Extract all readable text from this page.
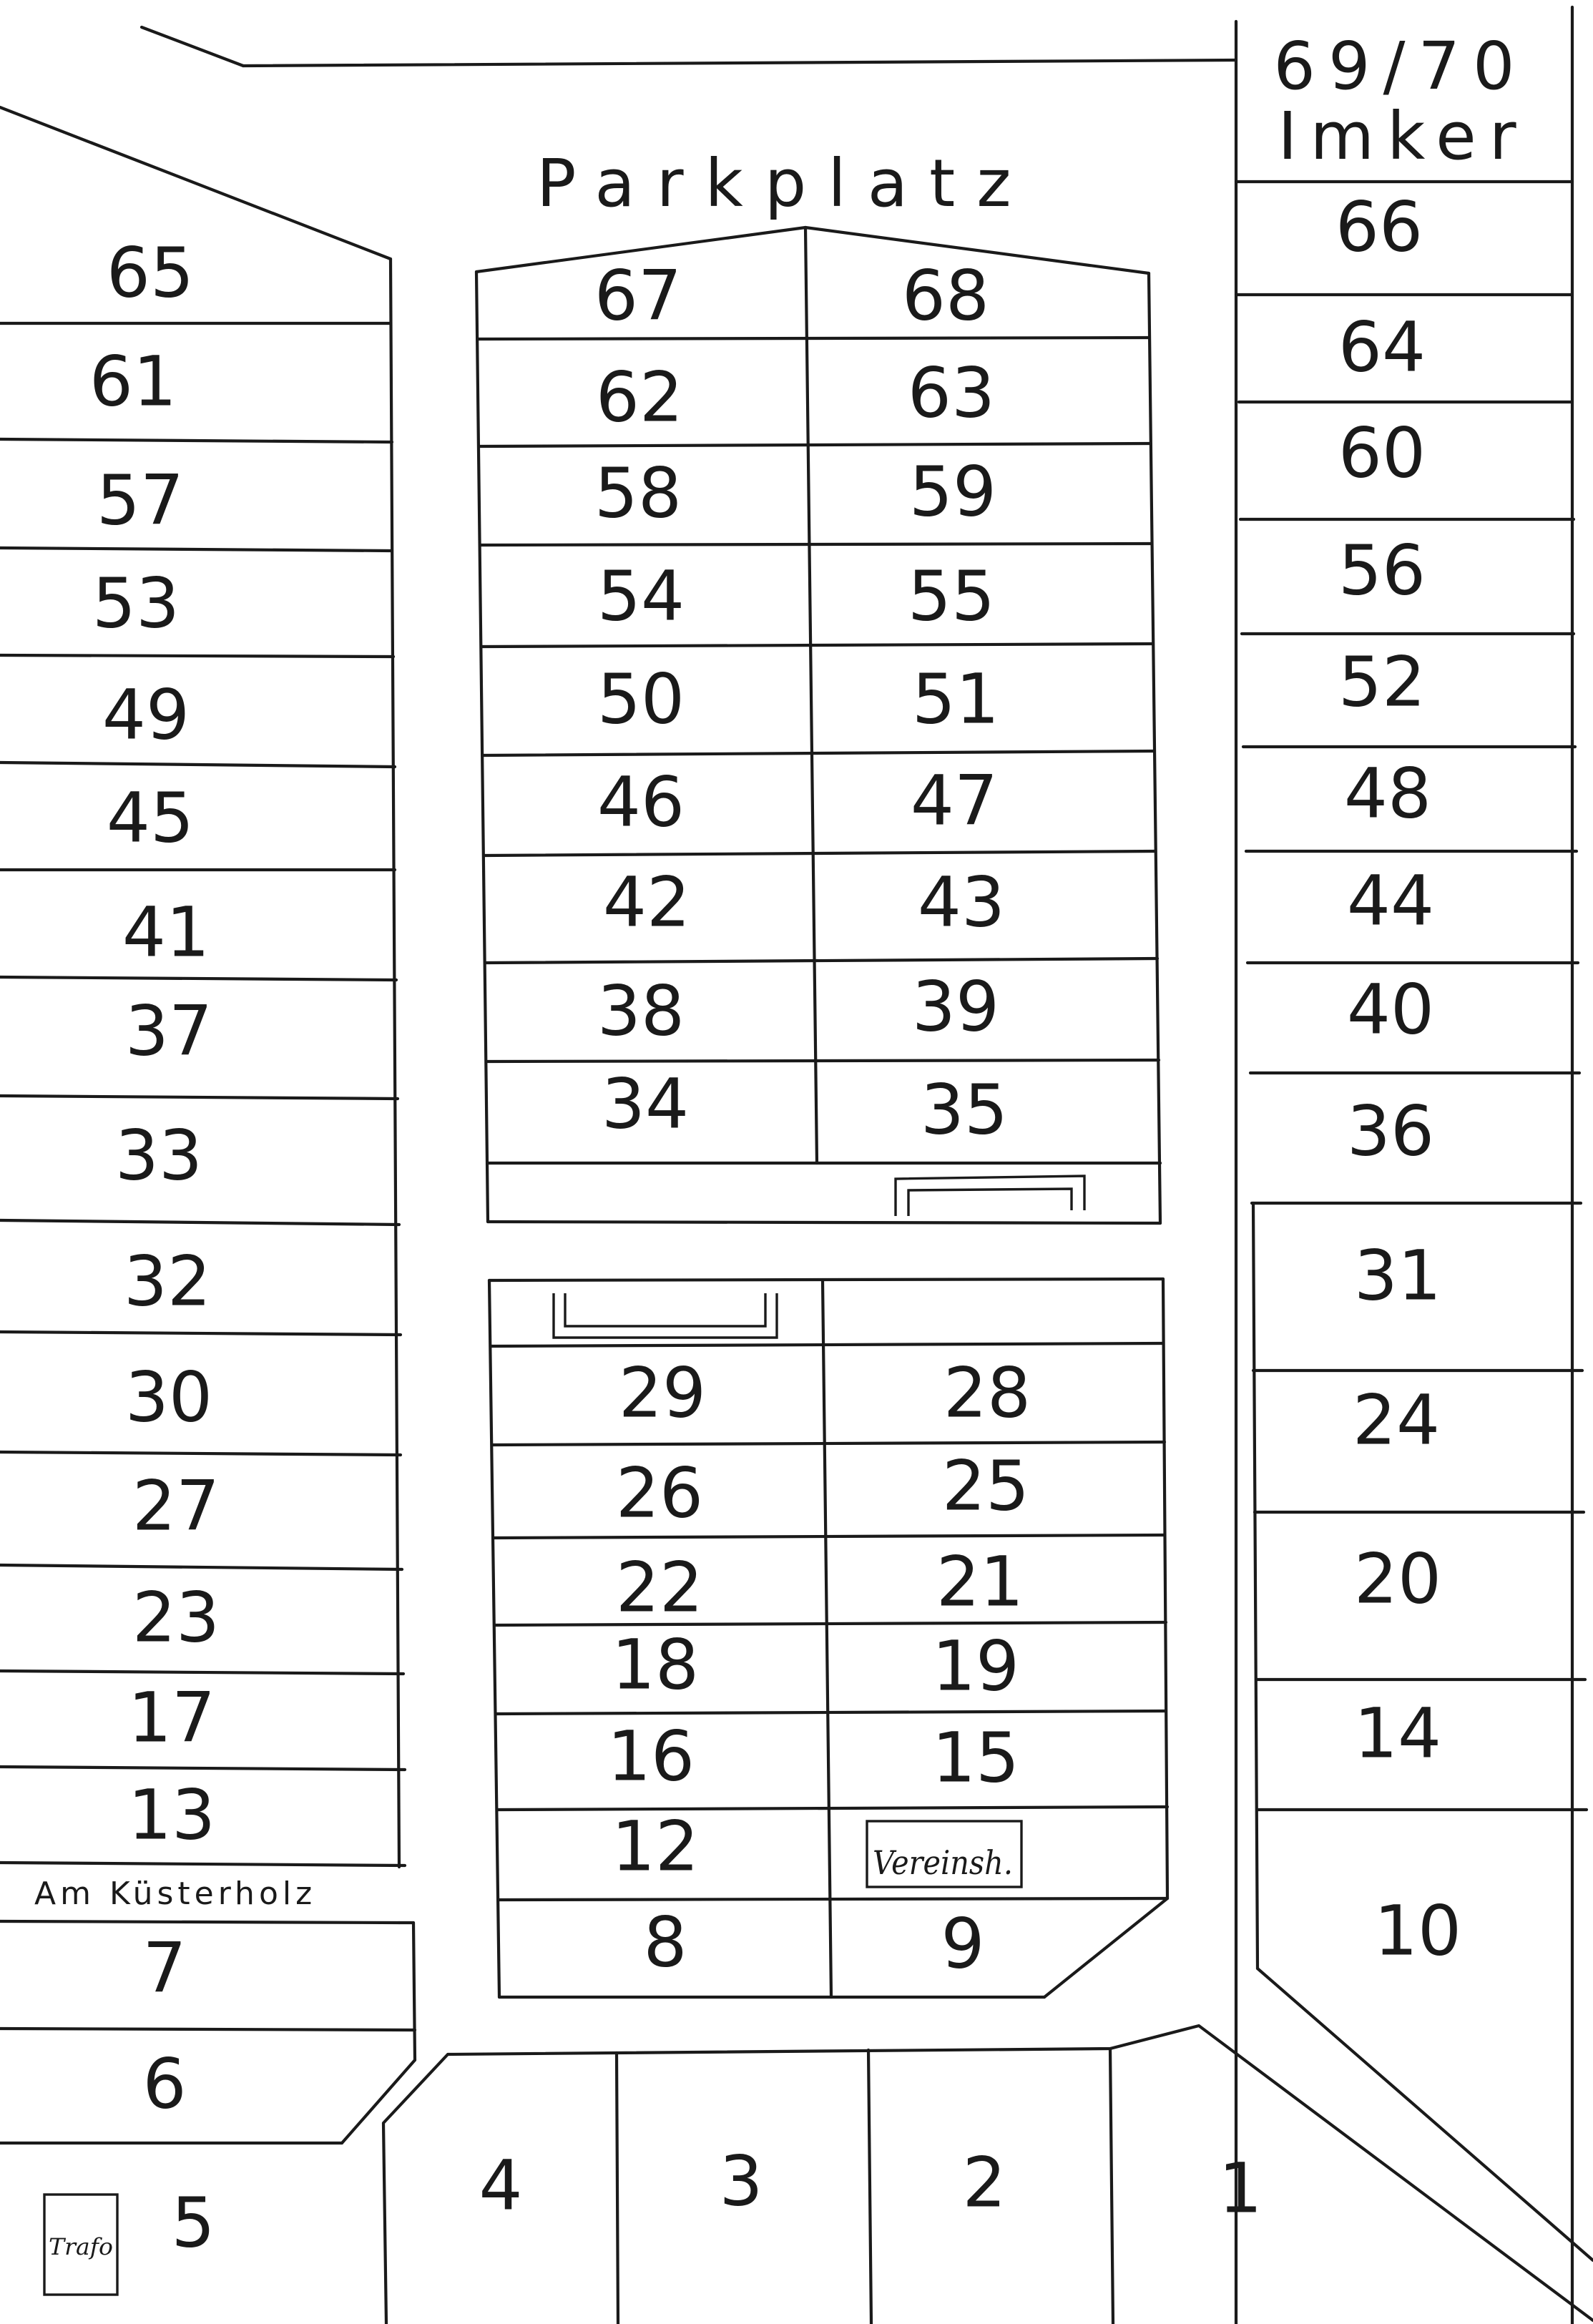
Parkplatz
69/70
Imker
Am Küsterholz
Vereinsh.
Trafo
65
61
57
53
49
45
41
37
33
32
30
27
23
17
13
7
6
5
67
62
58
54
50
46
42
38
34
68
63
59
55
51
47
43
39
35
29
26
22
18
16
12
8
28
25
21
19
15
9
66
64
60
56
52
48
44
40
36
31
24
20
14
10
4	3	2	1
